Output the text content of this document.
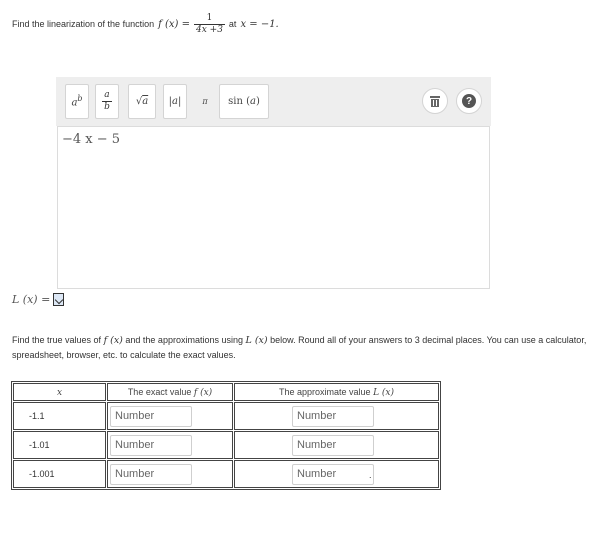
Find the linearization of the function f $(x) = \frac{1}{4x +3}$ at x = −1.
$a^b \frac{a}{b} √a$ |a|	π sin (a)	?
−4 x − 5
L (x) =
Find the true values of f (x) and the approximations using L (x) below. Round all of your answers to 3 decimal places. You can use a calculator, spreadsheet, browser, etc. to calculate the exact values.
x	The exact value f (x)	The approximate value L (x)
-1.1	Number	Number
-1.01	Number	Number
-1.001	Number	Number	.
